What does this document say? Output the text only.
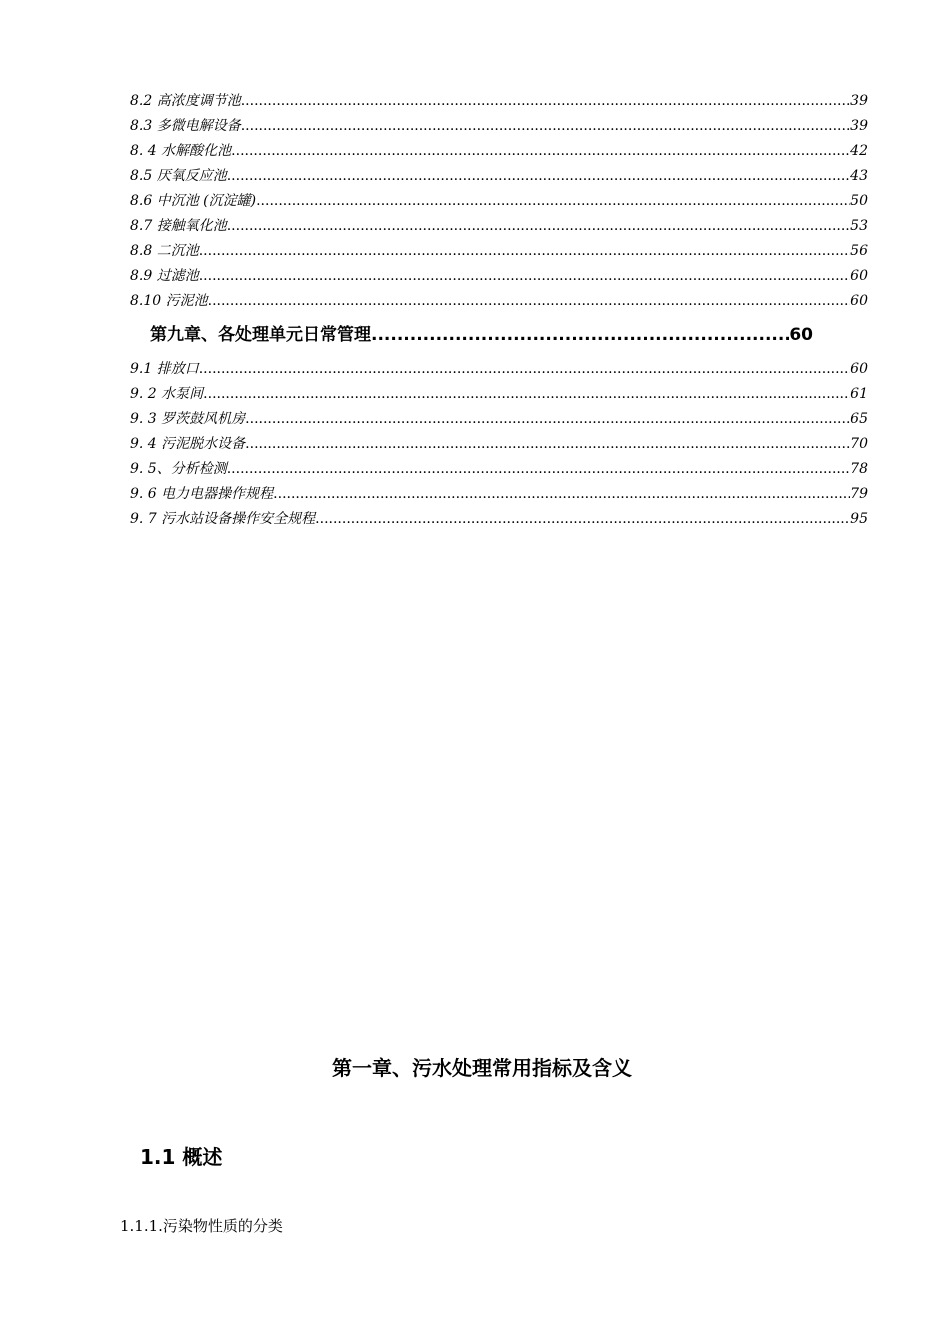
8.2 高浓度调节池 .....	39
8.3 多微电解设备 .....	39
8. 4 水解酸化池 .....	42
8.5 厌氧反应池 .....	43
8.6 中沉池 (沉淀罐) .....	50
8.7 接触氧化池 .....	53
8.8 二沉池 .....	56
8.9 过滤池 .....	60
8.10 污泥池 .....	60
第九章、各处理单元日常管理 .....	60
9.1 排放口 .....	60
9. 2 水泵间 .....	61
9. 3 罗茨鼓风机房 .....	65
9. 4 污泥脱水设备 .....	70
9. 5、分析检测 .....	78
9. 6 电力电器操作规程 .....	79
9. 7 污水站设备操作安全规程 .....	95
第一章、污水处理常用指标及含义
1.1 概述
1.1.1.污染物性质的分类
